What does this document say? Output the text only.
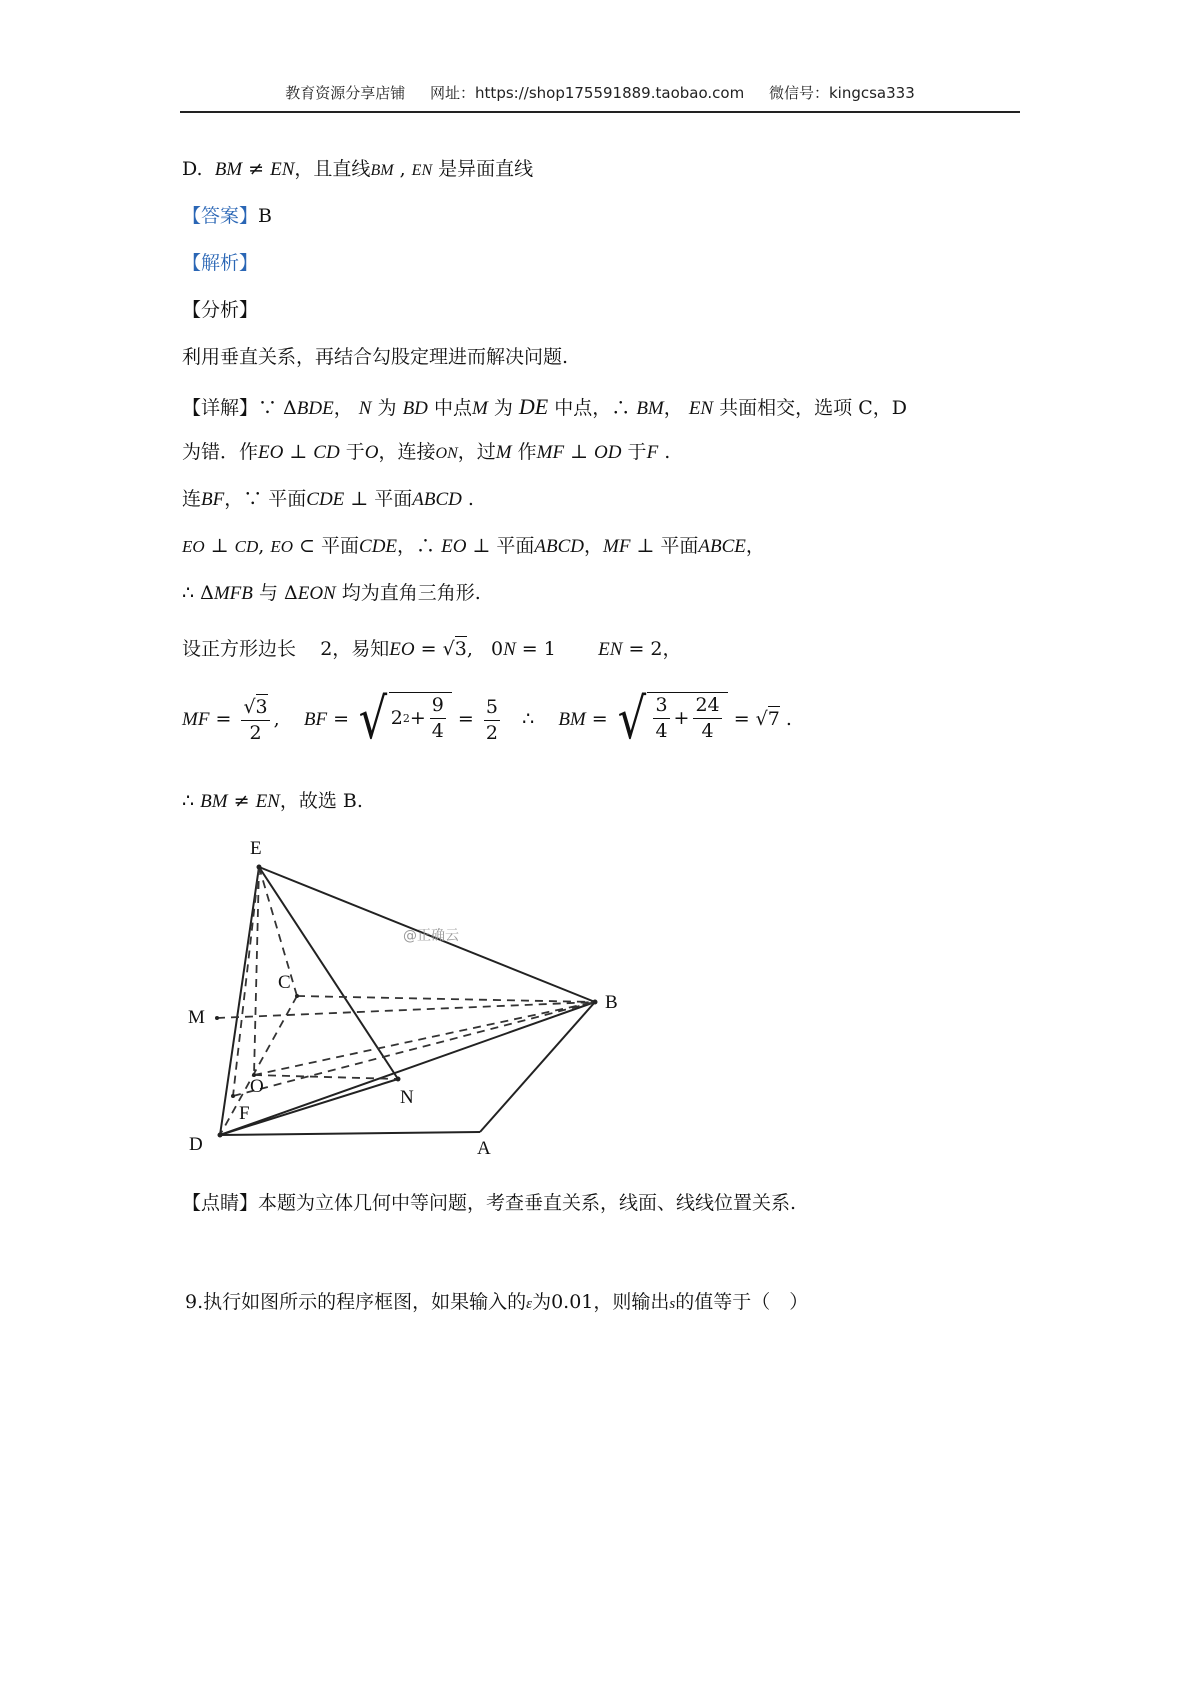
教育资源分享店铺 网址：https://shop175591889.taobao.com 微信号：kingcsa333
D. BM ≠ EN，且直线BM , EN 是异面直线
【答案】B
【解析】
【分析】
利用垂直关系，再结合勾股定理进而解决问题.
【详解】∵ ΔBDE， N 为 BD 中点M 为 DE 中点，∴ BM， EN 共面相交，选项 C，D
为错．作EO ⊥ CD 于O，连接ON，过M 作MF ⊥ OD 于F .
连BF，∵ 平面CDE ⊥ 平面ABCD .
EO ⊥ CD, EO ⊂ 平面CDE，∴ EO ⊥ 平面ABCD，MF ⊥ 平面ABCE，
∴ ΔMFB 与 ΔEON 均为直角三角形.
设正方形边长 2，易知EO = √3,   0N = 1       EN = 2，
MF = $\frac{√3}{2}$ ,    BF = √ 2 $2 + \frac{9}{4} = \frac{5}{2}$ ∴    BM = √ $\frac{3}{4} + \frac{24}{4} = √7$ .
∴ BM ≠ EN，故选 B.
E
C
B
M
O
N
F
D	A
@正确云
【点睛】本题为立体几何中等问题，考查垂直关系，线面、线线位置关系.
9.执行如图所示的程序框图，如果输入的ε为0.01，则输出s的值等于（　）
